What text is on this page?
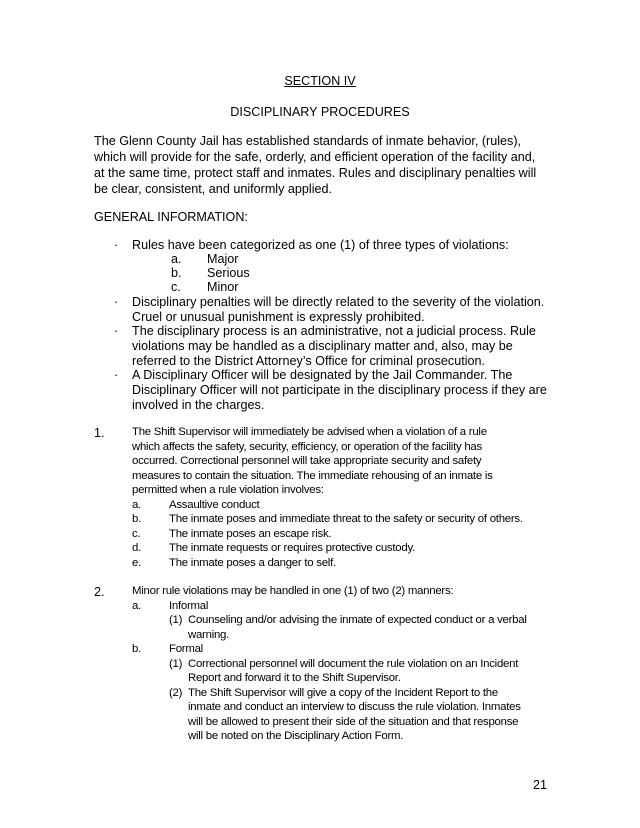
SECTION IV
DISCIPLINARY PROCEDURES
The Glenn County Jail has established standards of inmate behavior, (rules),
which will provide for the safe, orderly, and efficient operation of the facility and,
at the same time, protect staff and inmates. Rules and disciplinary penalties will
be clear, consistent, and uniformly applied.
GENERAL INFORMATION:
· Rules have been categorized as one (1) of three types of violations:
a. Major
b. Serious
c. Minor
· Disciplinary penalties will be directly related to the severity of the violation.
Cruel or unusual punishment is expressly prohibited.
· The disciplinary process is an administrative, not a judicial process. Rule
violations may be handled as a disciplinary matter and, also, may be
referred to the District Attorney’s Office for criminal prosecution.
· A Disciplinary Officer will be designated by the Jail Commander. The
Disciplinary Officer will not participate in the disciplinary process if they are
involved in the charges.
1. The Shift Supervisor will immediately be advised when a violation of a rule
which affects the safety, security, efficiency, or operation of the facility has
occurred. Correctional personnel will take appropriate security and safety
measures to contain the situation. The immediate rehousing of an inmate is
permitted when a rule violation involves:
a. Assaultive conduct
b. The inmate poses and immediate threat to the safety or security of others.
c.	The inmate poses an escape risk.
d. The inmate requests or requires protective custody.
e. The inmate poses a danger to self.
2. Minor rule violations may be handled in one (1) of two (2) manners:
a. Informal
(1) Counseling and/or advising the inmate of expected conduct or a verbal
warning.
b. Formal
(1) Correctional personnel will document the rule violation on an Incident
Report and forward it to the Shift Supervisor.
(2) The Shift Supervisor will give a copy of the Incident Report to the
inmate and conduct an interview to discuss the rule violation. Inmates
will be allowed to present their side of the situation and that response
will be noted on the Disciplinary Action Form.
21
